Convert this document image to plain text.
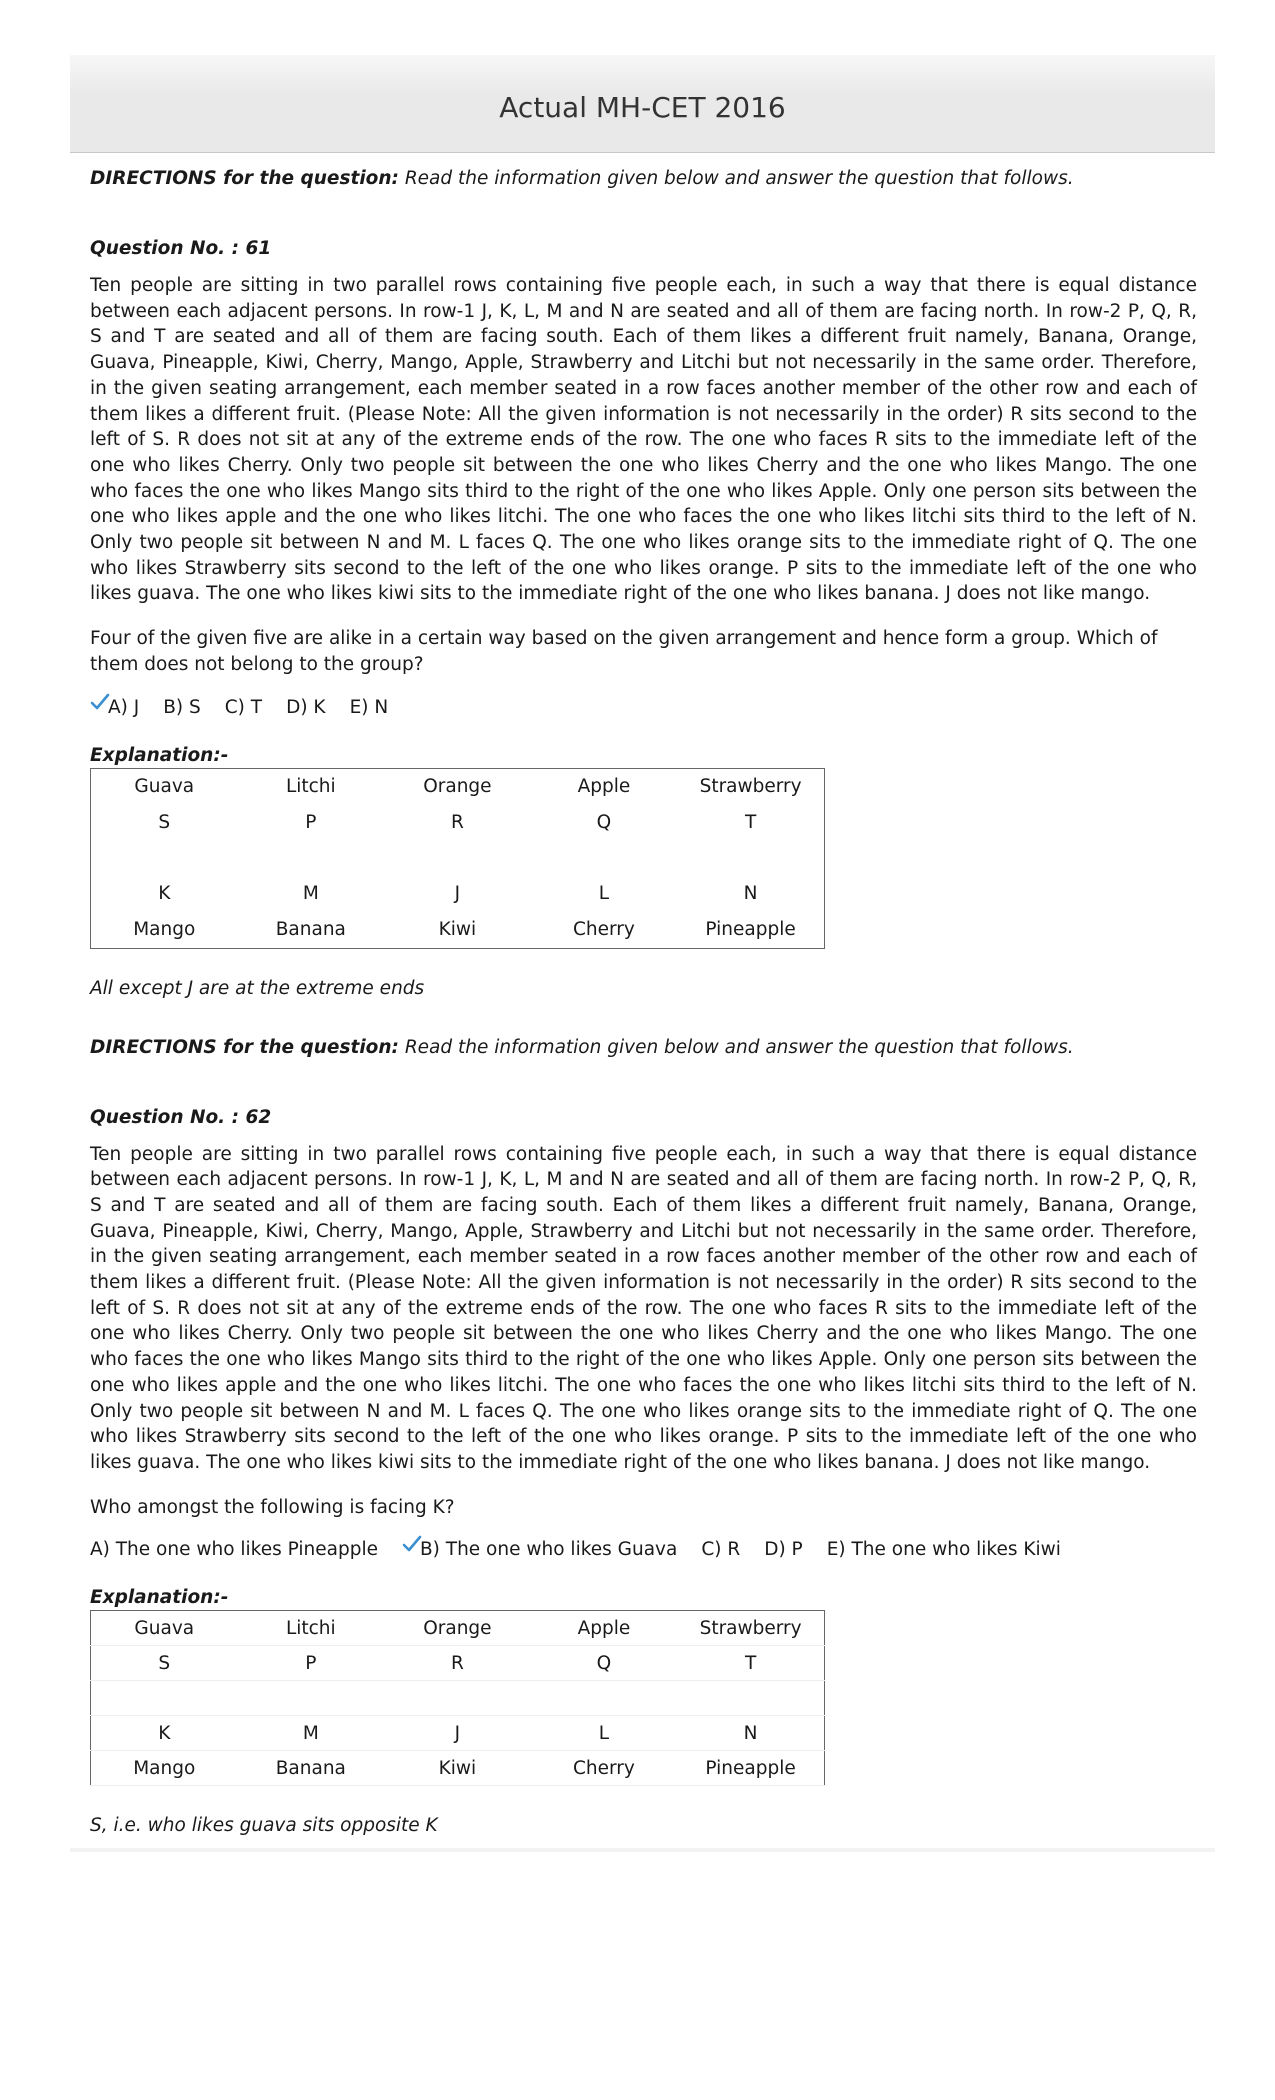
Actual MH-CET 2016

DIRECTIONS for the question: Read the information given below and answer the question that follows.

Question No. : 61

Ten people are sitting in two parallel rows containing five people each, in such a way that there is equal distance between each adjacent persons. In row-1 J, K, L, M and N are seated and all of them are facing north. In row-2 P, Q, R, S and T are seated and all of them are facing south. Each of them likes a different fruit namely, Banana, Orange, Guava, Pineapple, Kiwi, Cherry, Mango, Apple, Strawberry and Litchi but not necessarily in the same order. Therefore, in the given seating arrangement, each member seated in a row faces another member of the other row and each of them likes a different fruit. (Please Note: All the given information is not necessarily in the order) R sits second to the left of S. R does not sit at any of the extreme ends of the row. The one who faces R sits to the immediate left of the one who likes Cherry. Only two people sit between the one who likes Cherry and the one who likes Mango. The one who faces the one who likes Mango sits third to the right of the one who likes Apple. Only one person sits between the one who likes apple and the one who likes litchi. The one who faces the one who likes litchi sits third to the left of N. Only two people sit between N and M. L faces Q. The one who likes orange sits to the immediate right of Q. The one who likes Strawberry sits second to the left of the one who likes orange. P sits to the immediate left of the one who likes guava. The one who likes kiwi sits to the immediate right of the one who likes banana. J does not like mango.

Four of the given five are alike in a certain way based on the given arrangement and hence form a group. Which of them does not belong to the group?

A) J B) S C) T D) K E) N

Explanation:-

Guava	Litchi	Orange	Apple	Strawberry
S	P	R	Q	T

K	M	J	L	N
Mango	Banana	Kiwi	Cherry	Pineapple

All except J are at the extreme ends

DIRECTIONS for the question: Read the information given below and answer the question that follows.

Question No. : 62

Ten people are sitting in two parallel rows containing five people each, in such a way that there is equal distance between each adjacent persons. In row-1 J, K, L, M and N are seated and all of them are facing north. In row-2 P, Q, R, S and T are seated and all of them are facing south. Each of them likes a different fruit namely, Banana, Orange, Guava, Pineapple, Kiwi, Cherry, Mango, Apple, Strawberry and Litchi but not necessarily in the same order. Therefore, in the given seating arrangement, each member seated in a row faces another member of the other row and each of them likes a different fruit. (Please Note: All the given information is not necessarily in the order) R sits second to the left of S. R does not sit at any of the extreme ends of the row. The one who faces R sits to the immediate left of the one who likes Cherry. Only two people sit between the one who likes Cherry and the one who likes Mango. The one who faces the one who likes Mango sits third to the right of the one who likes Apple. Only one person sits between the one who likes apple and the one who likes litchi. The one who faces the one who likes litchi sits third to the left of N. Only two people sit between N and M. L faces Q. The one who likes orange sits to the immediate right of Q. The one who likes Strawberry sits second to the left of the one who likes orange. P sits to the immediate left of the one who likes guava. The one who likes kiwi sits to the immediate right of the one who likes banana. J does not like mango.

Who amongst the following is facing K?

A) The one who likes Pineapple B) The one who likes Guava C) R D) P E) The one who likes Kiwi

Explanation:-

Guava	Litchi	Orange	Apple	Strawberry
S	P	R	Q	T

K	M	J	L	N
Mango	Banana	Kiwi	Cherry	Pineapple

S, i.e. who likes guava sits opposite K
